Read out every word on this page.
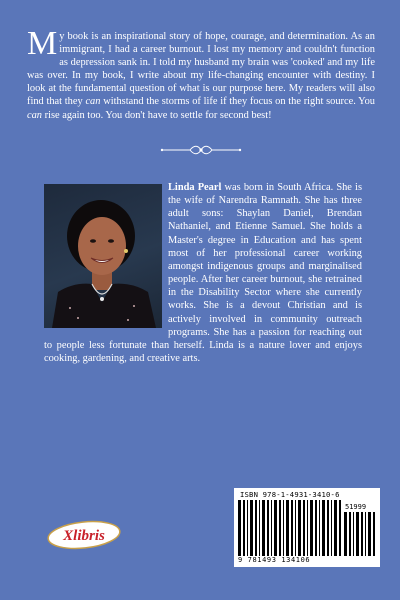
My book is an inspirational story of hope, courage, and determination. As an immigrant, I had a career burnout. I lost my memory and couldn't function as depression sank in. I told my husband my brain was 'cooked' and my life was over. In my book, I write about my life-changing encounter with destiny. I look at the fundamental question of what is our purpose here. My readers will also find that they can withstand the storms of life if they focus on the right source. You can rise again too. You don't have to settle for second best!
Linda Pearl was born in South Africa. She is the wife of Narendra Ramnath. She has three adult sons: Shaylan Daniel, Brendan Nathaniel, and Etienne Samuel. She holds a Master's degree in Education and has spent most of her professional career working amongst indigenous groups and marginalised people. After her career burnout, she retrained in the Disability Sector where she currently works. She is a devout Christian and is actively involved in community outreach programs. She has a passion for reaching out to people less fortunate than herself. Linda is a nature lover and enjoys cooking, gardening, and creative arts.
ISBN 978-1-4931-3410-6
51999
9 781493 134106
Xlibris
